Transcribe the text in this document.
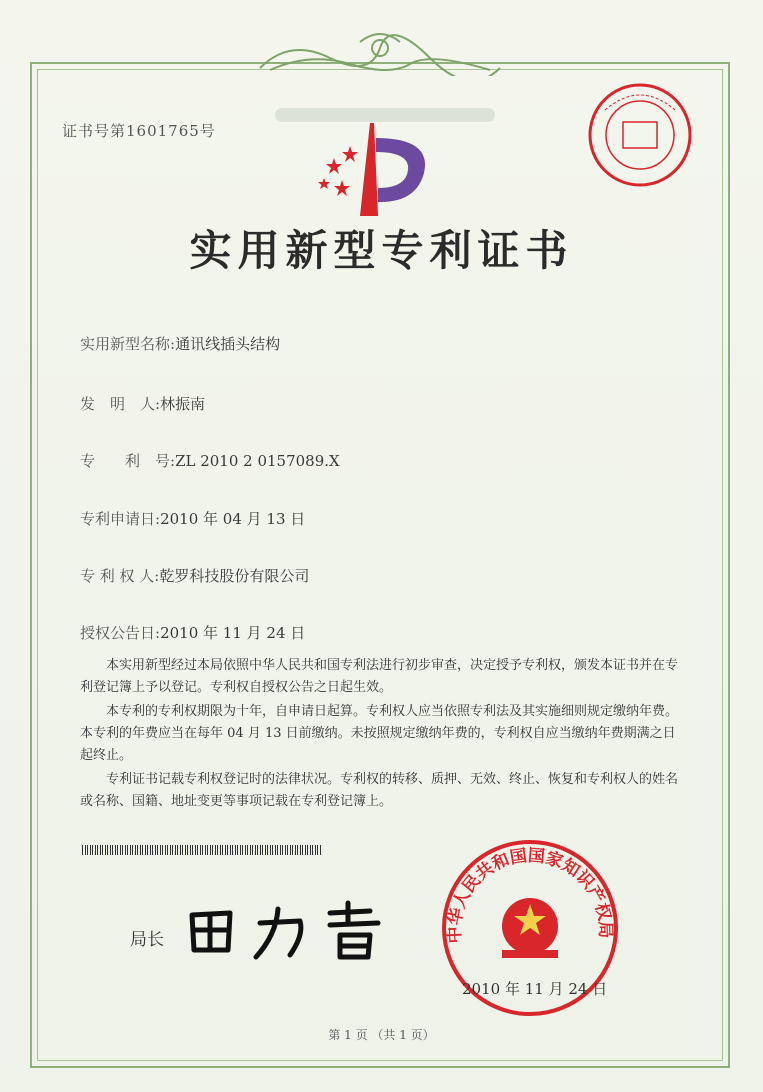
证书号第1601765号
实用新型专利证书
实用新型名称:通讯线插头结构
发　明　人:林振南
专　　利　号:ZL 2010 2 0157089.X
专利申请日:2010 年 04 月 13 日
专 利 权 人:乾罗科技股份有限公司
授权公告日:2010 年 11 月 24 日

本实用新型经过本局依照中华人民共和国专利法进行初步审查，决定授予专利权，颁发本证书并在专利登记簿上予以登记。专利权自授权公告之日起生效。

本专利的专利权期限为十年，自申请日起算。专利权人应当依照专利法及其实施细则规定缴纳年费。本专利的年费应当在每年 04 月 13 日前缴纳。未按照规定缴纳年费的，专利权自应当缴纳年费期满之日起终止。

专利证书记载专利权登记时的法律状况。专利权的转移、质押、无效、终止、恢复和专利权人的姓名或名称、国籍、地址变更等事项记载在专利登记簿上。

局长	中华人民共和国国家知识产权局
2010 年 11 月 24 日
第 1 页 （共 1 页）
